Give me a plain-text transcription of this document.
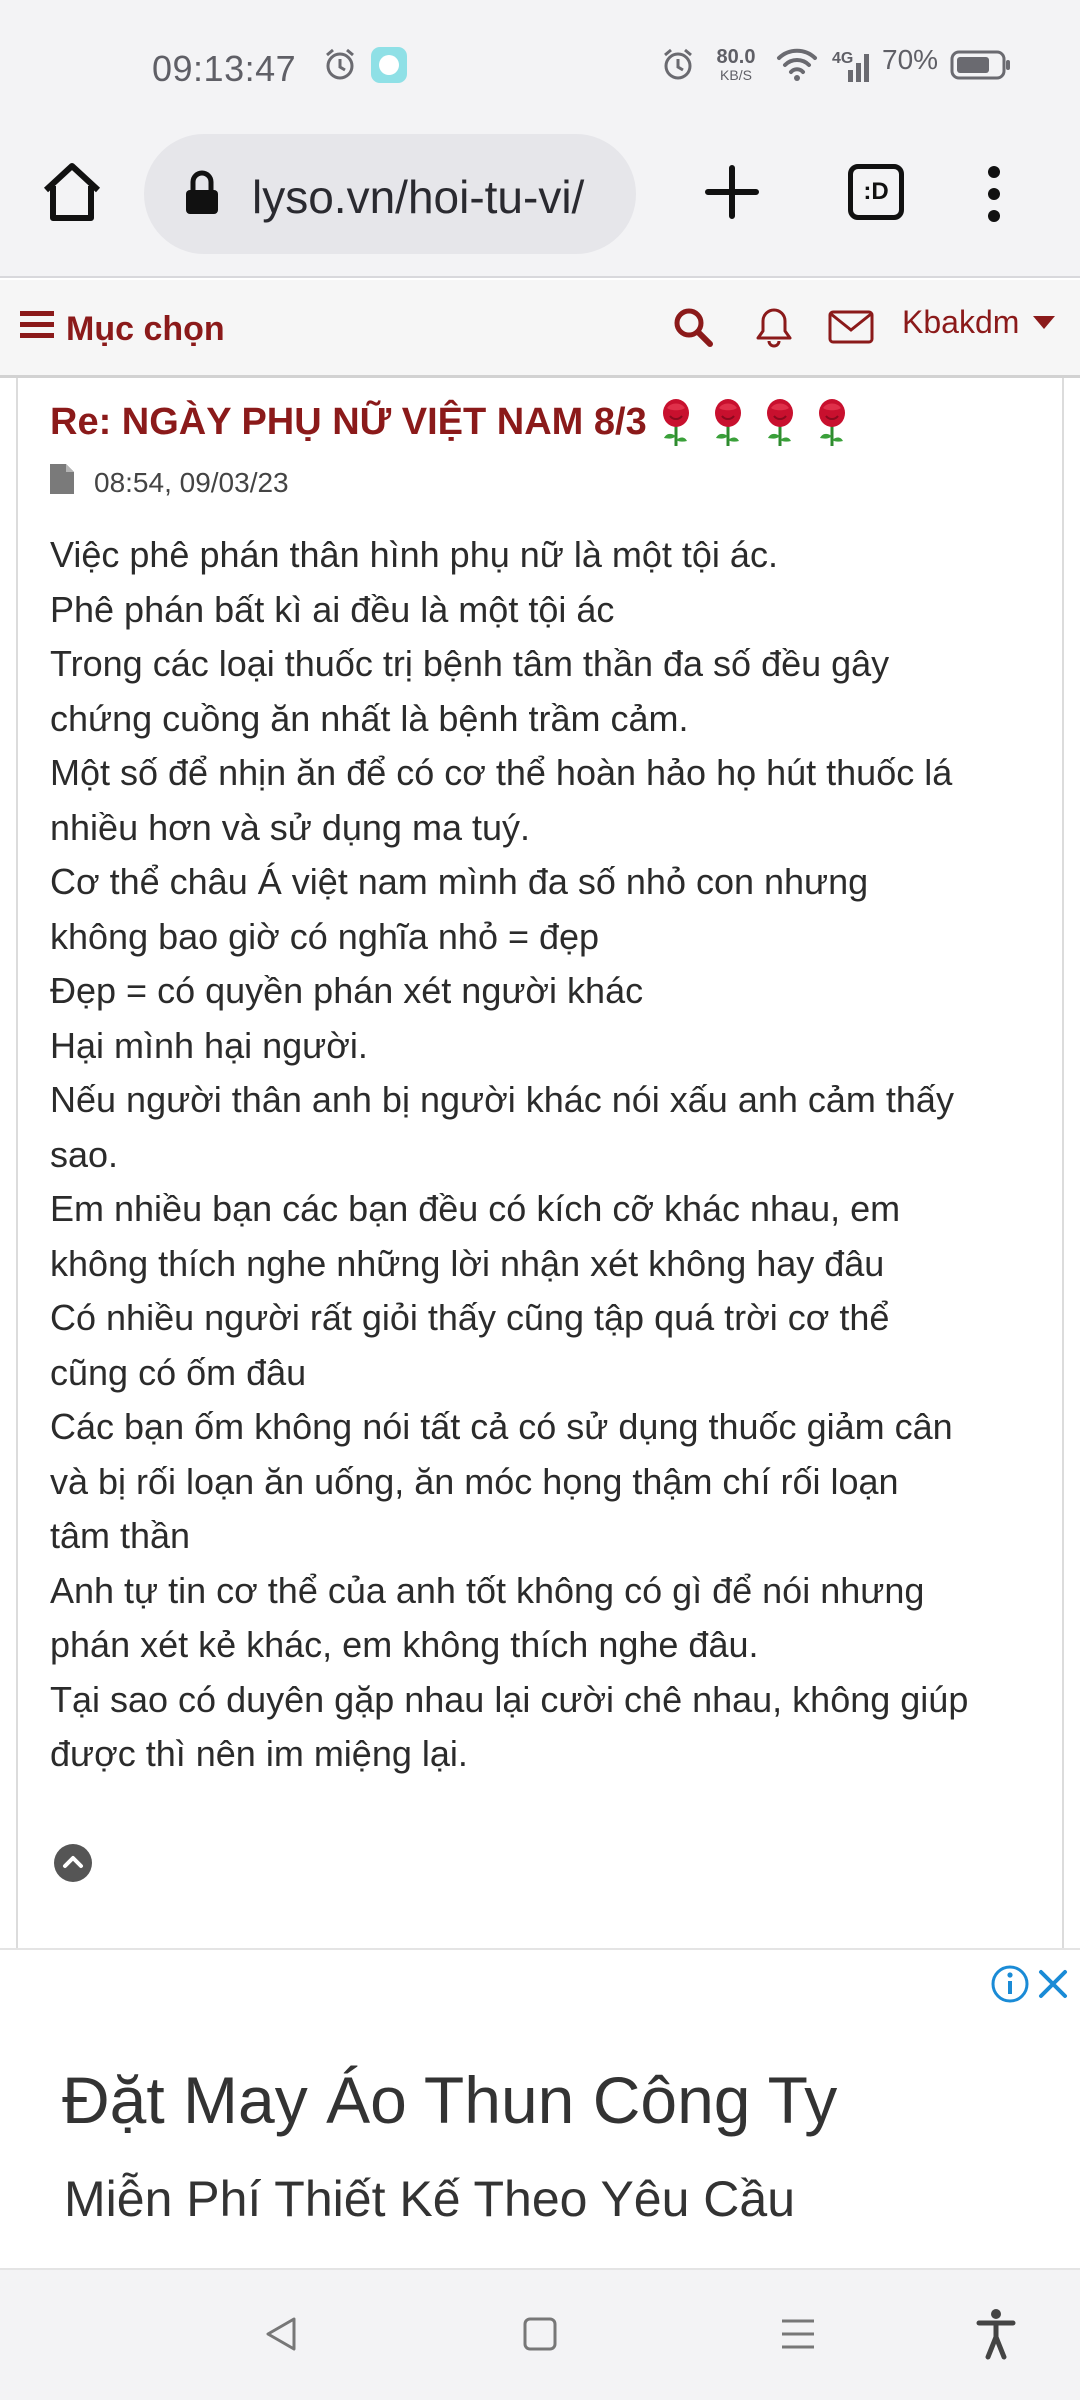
09:13:47	80.0
KB/S
4G 70%
lyso.vn/hoi-tu-vi/	:D
Mục chọn	Kbakdm
Re: NGÀY PHỤ NỮ VIỆT NAM 8/3
08:54, 09/03/23

Việc phê phán thân hình phụ nữ là một tội ác.

Phê phán bất kì ai đều là một tội ác

Trong các loại thuốc trị bệnh tâm thần đa số đều gây

chứng cuồng ăn nhất là bệnh trầm cảm.

Một số để nhịn ăn để có cơ thể hoàn hảo họ hút thuốc lá

nhiều hơn và sử dụng ma tuý.

Cơ thể châu Á việt nam mình đa số nhỏ con nhưng

không bao giờ có nghĩa nhỏ = đẹp

Đẹp = có quyền phán xét người khác

Hại mình hại người.

Nếu người thân anh bị người khác nói xấu anh cảm thấy

sao.

Em nhiều bạn các bạn đều có kích cỡ khác nhau, em

không thích nghe những lời nhận xét không hay đâu

Có nhiều người rất giỏi thấy cũng tập quá trời cơ thể

cũng có ốm đâu

Các bạn ốm không nói tất cả có sử dụng thuốc giảm cân

và bị rối loạn ăn uống, ăn móc họng thậm chí rối loạn

tâm thần

Anh tự tin cơ thể của anh tốt không có gì để nói nhưng

phán xét kẻ khác, em không thích nghe đâu.

Tại sao có duyên gặp nhau lại cười chê nhau, không giúp

được thì nên im miệng lại.

Đặt May Áo Thun Công Ty
Miễn Phí Thiết Kế Theo Yêu Cầu
